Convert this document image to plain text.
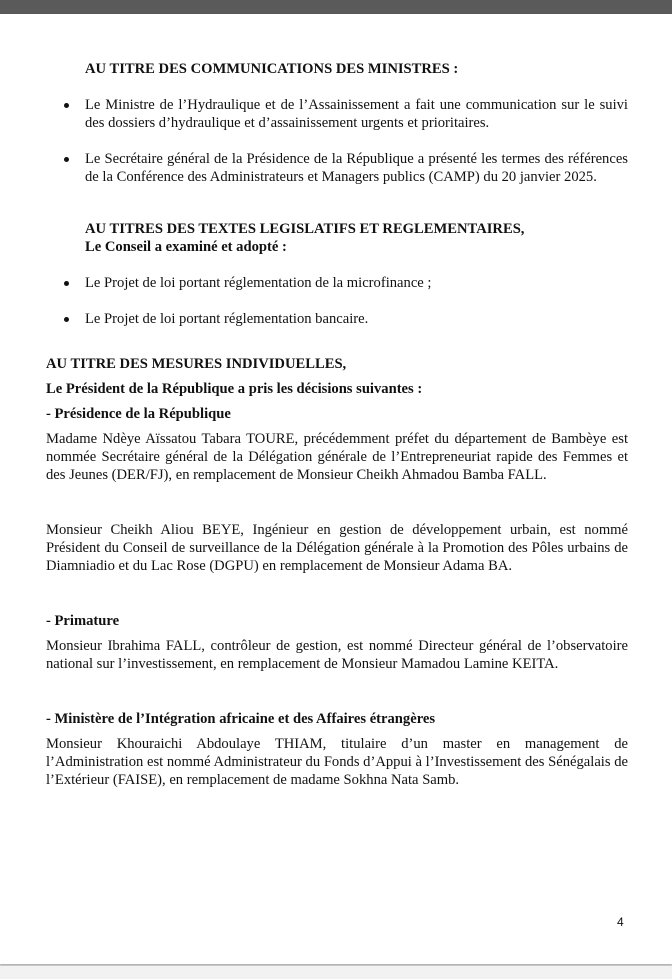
AU TITRE DES COMMUNICATIONS DES MINISTRES :
Le Ministre de l’Hydraulique et de l’Assainissement a fait une communication sur le suivi des dossiers d’hydraulique et d’assainissement urgents et prioritaires.
Le Secrétaire général de la Présidence de la République a présenté les termes des références de la Conférence des Administrateurs et Managers publics (CAMP) du 20 janvier 2025.
AU TITRES DES TEXTES LEGISLATIFS ET REGLEMENTAIRES,
Le Conseil a examiné et adopté :
Le Projet de loi portant réglementation de la microfinance ;
Le Projet de loi portant réglementation bancaire.
AU TITRE DES MESURES INDIVIDUELLES,
Le Président de la République a pris les décisions suivantes :
- Présidence de la République

Madame Ndèye Aïssatou Tabara TOURE, précédemment préfet du département de Bambèye est nommée Secrétaire général de la Délégation générale de l’Entrepreneuriat rapide des Femmes et des Jeunes (DER/FJ), en remplacement de Monsieur Cheikh Ahmadou Bamba FALL.

Monsieur Cheikh Aliou BEYE, Ingénieur en gestion de développement urbain, est nommé Président du Conseil de surveillance de la Délégation générale à la Promotion des Pôles urbains de Diamniadio et du Lac Rose (DGPU) en remplacement de Monsieur Adama BA.

- Primature

Monsieur Ibrahima FALL, contrôleur de gestion, est nommé Directeur général de l’observatoire national sur l’investissement, en remplacement de Monsieur Mamadou Lamine KEITA.

- Ministère de l’Intégration africaine et des Affaires étrangères

Monsieur Khouraichi Abdoulaye THIAM, titulaire d’un master en management de l’Administration est nommé Administrateur du Fonds d’Appui à l’Investissement des Sénégalais de l’Extérieur (FAISE), en remplacement de madame Sokhna Nata Samb.

4
